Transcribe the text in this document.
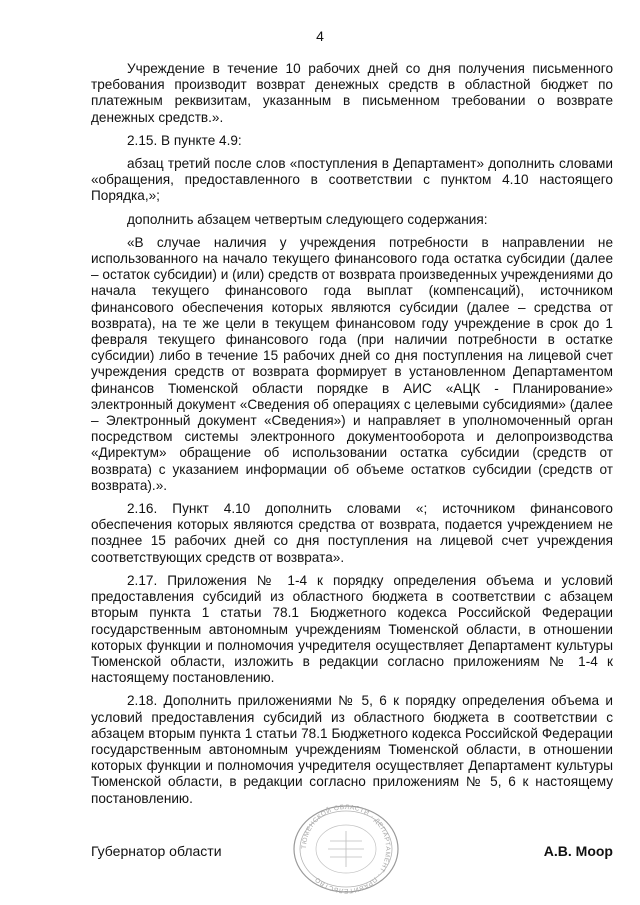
4

Учреждение в течение 10 рабочих дней со дня получения письменного требования производит возврат денежных средств в областной бюджет по платежным реквизитам, указанным в письменном требовании о возврате денежных средств.».

2.15. В пункте 4.9:

абзац третий после слов «поступления в Департамент» дополнить словами «обращения, предоставленного в соответствии с пунктом 4.10 настоящего Порядка,»;

дополнить абзацем четвертым следующего содержания:

«В случае наличия у учреждения потребности в направлении не использованного на начало текущего финансового года остатка субсидии (далее – остаток субсидии) и (или) средств от возврата произведенных учреждениями до начала текущего финансового года выплат (компенсаций), источником финансового обеспечения которых являются субсидии (далее – средства от возврата), на те же цели в текущем финансовом году учреждение в срок до 1 февраля текущего финансового года (при наличии потребности в остатке субсидии) либо в течение 15 рабочих дней со дня поступления на лицевой счет учреждения средств от возврата формирует в установленном Департаментом финансов Тюменской области порядке в АИС «АЦК - Планирование» электронный документ «Сведения об операциях с целевыми субсидиями» (далее – Электронный документ «Сведения») и направляет в уполномоченный орган посредством системы электронного документооборота и делопроизводства «Директум» обращение об использовании остатка субсидии (средств от возврата) с указанием информации об объеме остатков субсидии (средств от возврата).».

2.16. Пункт 4.10 дополнить словами «; источником финансового обеспечения которых являются средства от возврата, подается учреждением не позднее 15 рабочих дней со дня поступления на лицевой счет учреждения соответствующих средств от возврата».

2.17. Приложения № 1-4 к порядку определения объема и условий предоставления субсидий из областного бюджета в соответствии с абзацем вторым пункта 1 статьи 78.1 Бюджетного кодекса Российской Федерации государственным автономным учреждениям Тюменской области, в отношении которых функции и полномочия учредителя осуществляет Департамент культуры Тюменской области, изложить в редакции согласно приложениям № 1-4 к настоящему постановлению.

2.18. Дополнить приложениями № 5, 6 к порядку определения объема и условий предоставления субсидий из областного бюджета в соответствии с абзацем вторым пункта 1 статьи 78.1 Бюджетного кодекса Российской Федерации государственным автономным учреждениям Тюменской области, в отношении которых функции и полномочия учредителя осуществляет Департамент культуры Тюменской области, в редакции согласно приложениям № 5, 6 к настоящему постановлению.

ТЮМЕНСКОЙ ОБЛАСТИ · ДЕПАРТАМЕНТ · ПРАВИТЕЛЬСТВО
Губернатор области	А.В. Моор
